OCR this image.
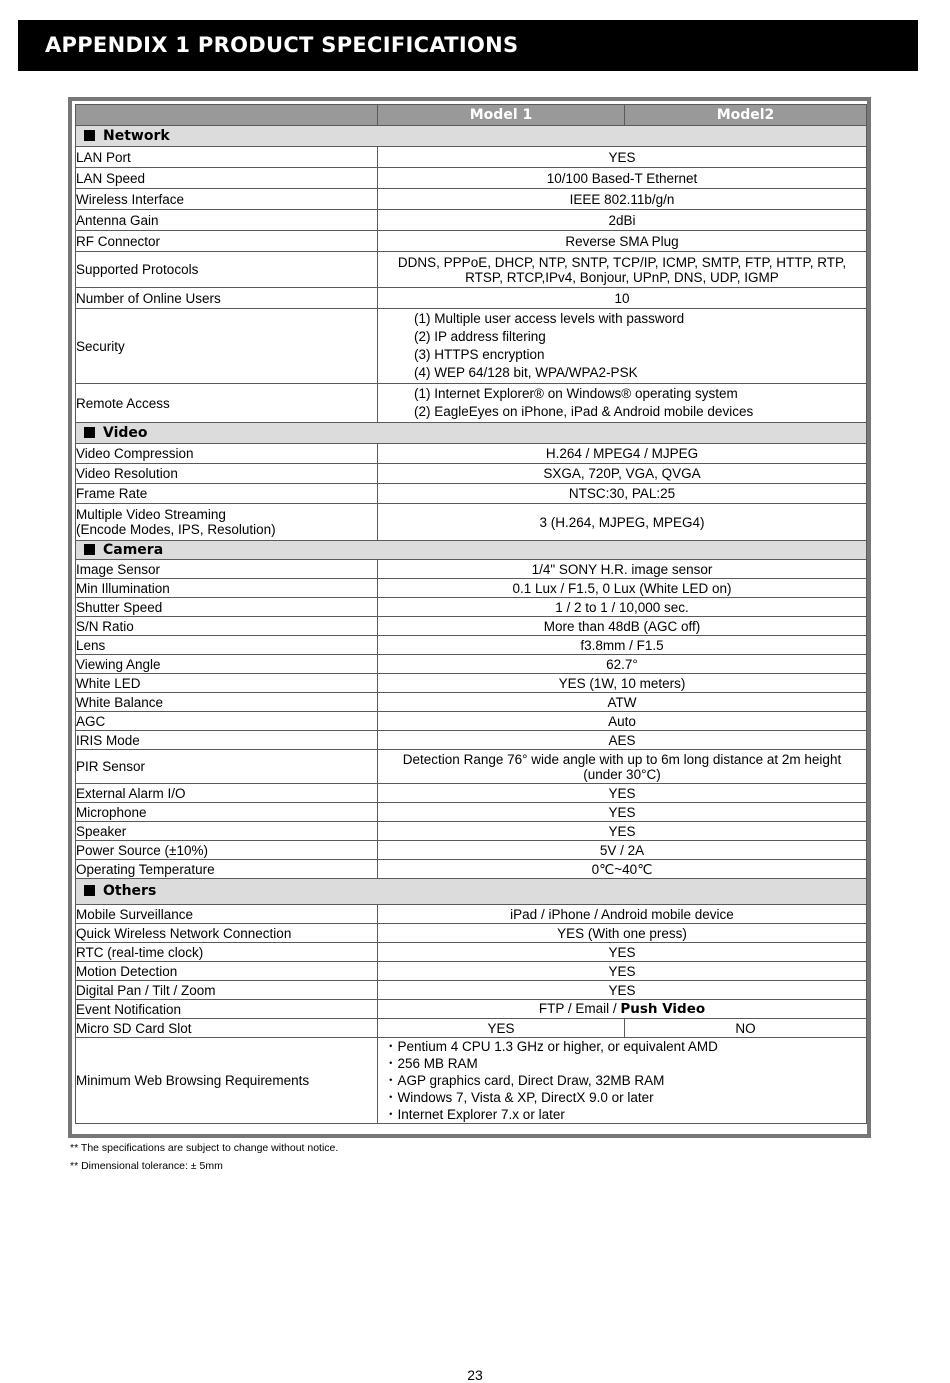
APPENDIX 1 PRODUCT SPECIFICATIONS
	Model 1	Model2
Network		
LAN Port	YES	
LAN Speed	10/100 Based-T Ethernet	
Wireless Interface	IEEE 802.11b/g/n	
Antenna Gain	2dBi	
RF Connector	Reverse SMA Plug	
Supported Protocols	DDNS, PPPoE, DHCP, NTP, SNTP, TCP/IP, ICMP, SMTP, FTP, HTTP, RTP,
RTSP, RTCP,IPv4, Bonjour, UPnP, DNS, UDP, IGMP	

Number of Online Users	10	
Security	(1) Multiple user access levels with password
(2) IP address filtering
(3) HTTPS encryption
(4) WEP 64/128 bit, WPA/WPA2-PSK	

Remote Access	(1) Internet Explorer® on Windows® operating system
(2) EagleEyes on iPhone, iPad & Android mobile devices	

Video		
Video Compression	H.264 / MPEG4 / MJPEG	
Video Resolution	SXGA, 720P, VGA, QVGA	
Frame Rate	NTSC:30, PAL:25	

Multiple Video Streaming
(Encode Modes, IPS, Resolution)	3 (H.264, MJPEG, MPEG4)	
Camera		
Image Sensor	1/4" SONY H.R. image sensor	
Min Illumination	0.1 Lux / F1.5, 0 Lux (White LED on)	
Shutter Speed	1 / 2 to 1 / 10,000 sec.	
S/N Ratio	More than 48dB (AGC off)	
Lens	f3.8mm / F1.5	
Viewing Angle	62.7°	
White LED	YES (1W, 10 meters)	
White Balance	ATW	
AGC	Auto	
IRIS Mode	AES	
PIR Sensor	Detection Range 76° wide angle with up to 6m long distance at 2m height
(under 30°C)	

External Alarm I/O	YES	
Microphone	YES	
Speaker	YES	
Power Source (±10%)	5V / 2A	
Operating Temperature	0℃~40℃	
Others		
Mobile Surveillance	iPad / iPhone / Android mobile device	
Quick Wireless Network Connection	YES (With one press)	
RTC (real-time clock)	YES	
Motion Detection	YES	
Digital Pan / Tilt / Zoom	YES	
Event Notification	FTP / Email / Push Video	
Micro SD Card Slot	YES	NO
Minimum Web Browsing Requirements	・Pentium 4 CPU 1.3 GHz or higher, or equivalent AMD
・256 MB RAM
・AGP graphics card, Direct Draw, 32MB RAM
・Windows 7, Vista & XP, DirectX 9.0 or later
・Internet Explorer 7.x or later	
** The specifications are subject to change without notice.
** Dimensional tolerance: ± 5mm
23
